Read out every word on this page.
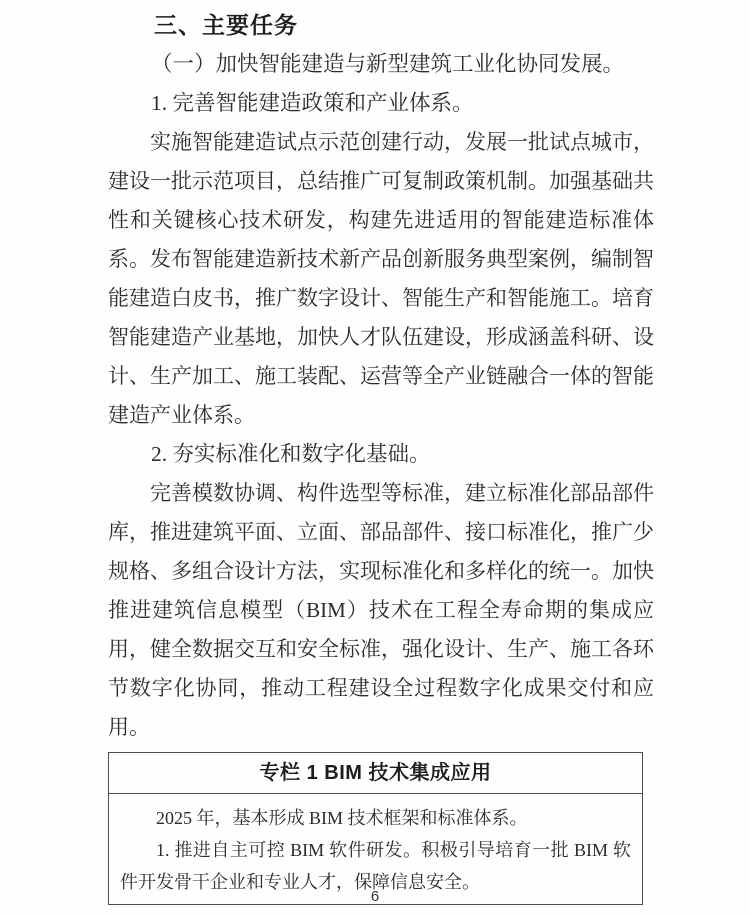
三、主要任务

（一）加快智能建造与新型建筑工业化协同发展。

1. 完善智能建造政策和产业体系。

实施智能建造试点示范创建行动，发展一批试点城市，建设一批示范项目，总结推广可复制政策机制。加强基础共性和关键核心技术研发，构建先进适用的智能建造标准体系。发布智能建造新技术新产品创新服务典型案例，编制智能建造白皮书，推广数字设计、智能生产和智能施工。培育智能建造产业基地，加快人才队伍建设，形成涵盖科研、设计、生产加工、施工装配、运营等全产业链融合一体的智能建造产业体系。

2. 夯实标准化和数字化基础。

完善模数协调、构件选型等标准，建立标准化部品部件库，推进建筑平面、立面、部品部件、接口标准化，推广少规格、多组合设计方法，实现标准化和多样化的统一。加快推进建筑信息模型（BIM）技术在工程全寿命期的集成应用，健全数据交互和安全标准，强化设计、生产、施工各环节数字化协同，推动工程建设全过程数字化成果交付和应用。

专栏 1 BIM 技术集成应用

2025 年，基本形成 BIM 技术框架和标准体系。

1. 推进自主可控 BIM 软件研发。积极引导培育一批 BIM 软件开发骨干企业和专业人才，保障信息安全。

6
